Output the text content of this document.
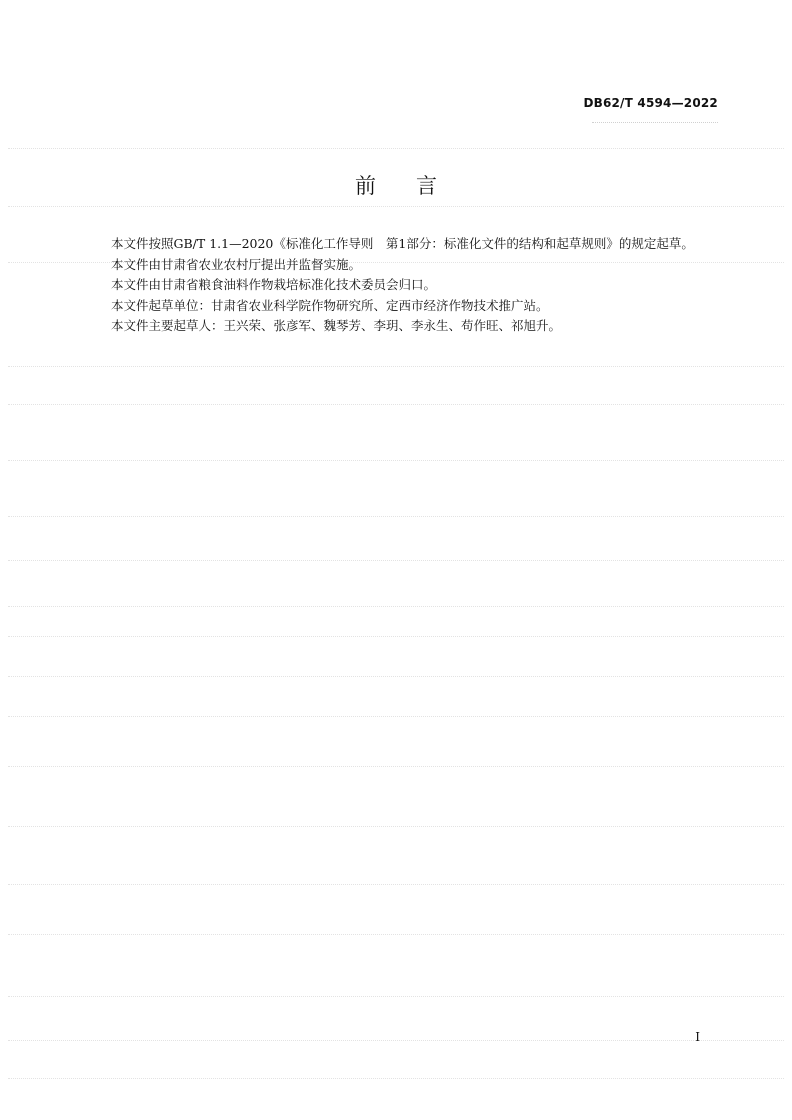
DB62/T 4594—2022
前言

本文件按照GB/T 1.1—2020《标准化工作导则　第1部分：标准化文件的结构和起草规则》的规定起草。

本文件由甘肃省农业农村厅提出并监督实施。

本文件由甘肃省粮食油料作物栽培标准化技术委员会归口。

本文件起草单位：甘肃省农业科学院作物研究所、定西市经济作物技术推广站。

本文件主要起草人：王兴荣、张彦军、魏琴芳、李玥、李永生、苟作旺、祁旭升。

I
